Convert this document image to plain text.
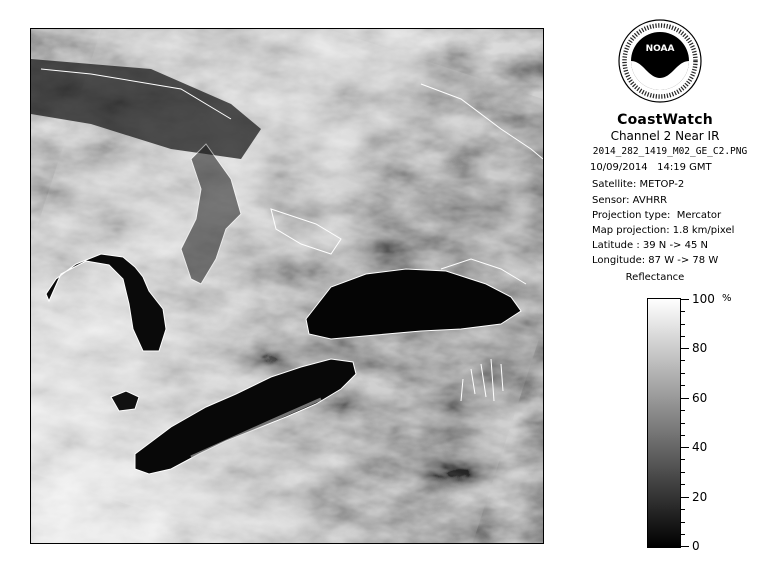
NOAA
CoastWatch
Channel 2 Near IR
2014_282_1419_M02_GE_C2.PNG
10/09/2014   14:19 GMT
Satellite: METOP-2
Sensor: AVHRR
Projection type:  Mercator
Map projection: 1.8 km/pixel
Latitude : 39 N -> 45 N
Longitude: 87 W -> 78 W
Reflectance
%
100
80
60
40
20
0
